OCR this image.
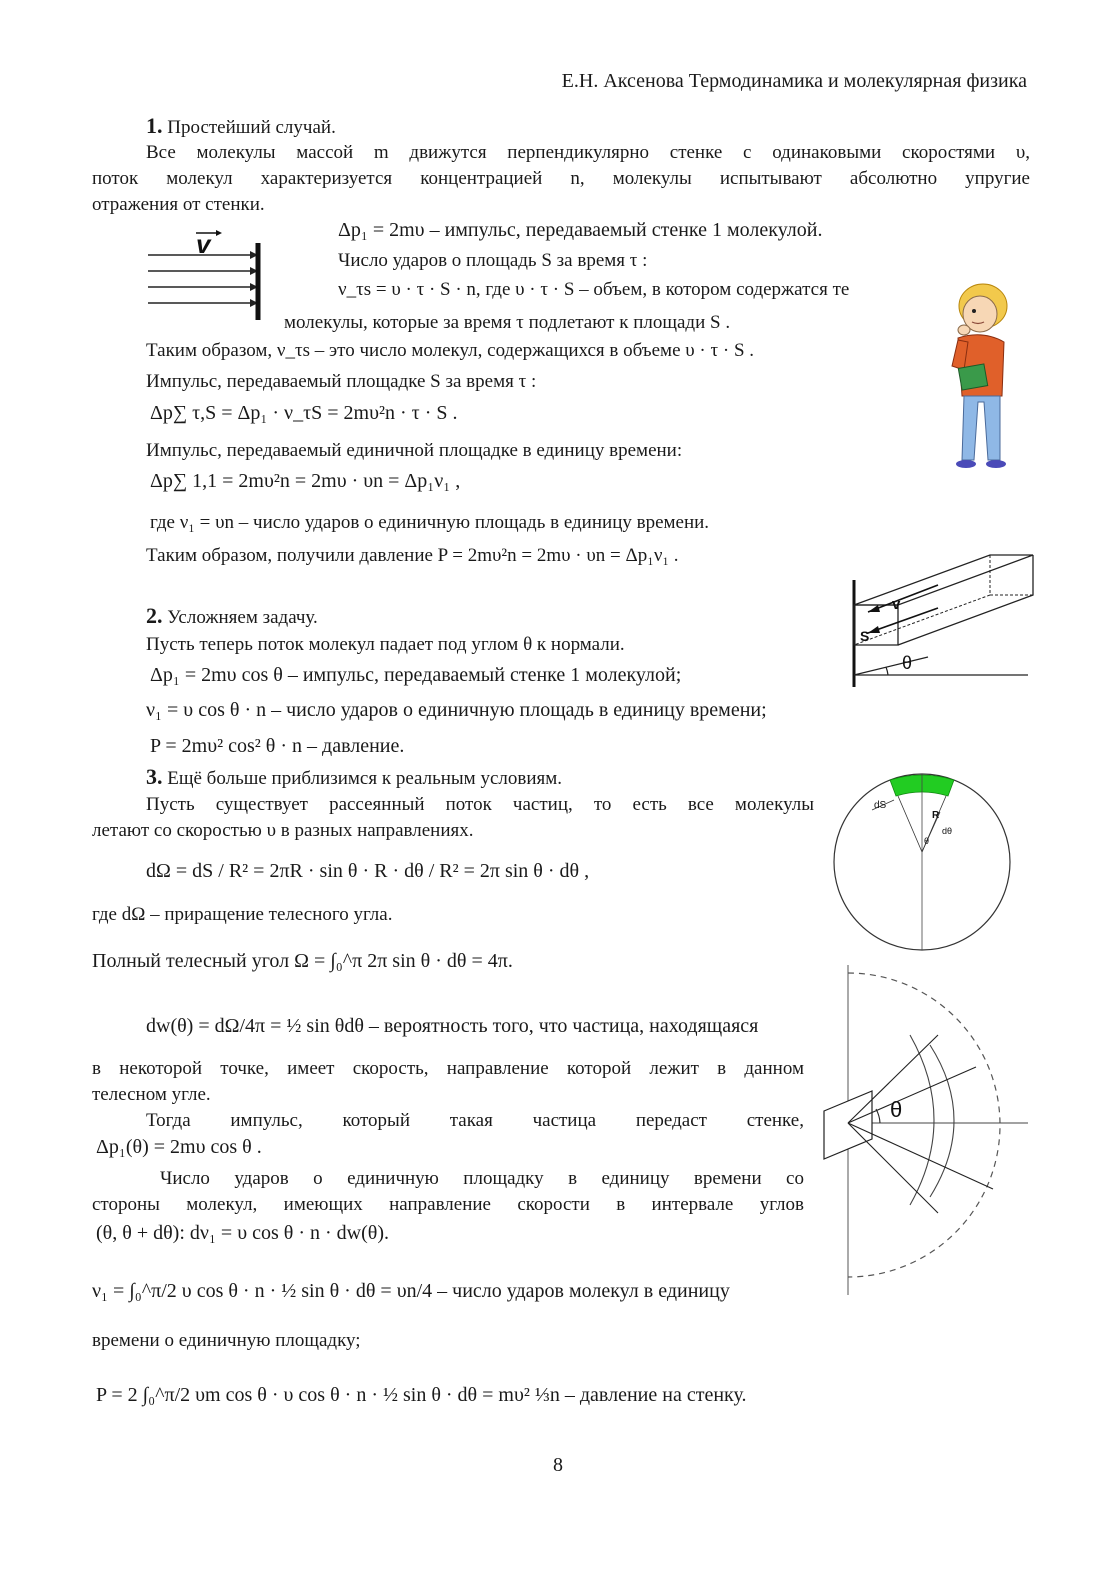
Е.Н. Аксенова Термодинамика и молекулярная физика
1. Простейший случай.
Все молекулы массой m движутся перпендикулярно стенке с одинаковыми скоростями υ,
поток молекул характеризуется концентрацией n, молекулы испытывают абсолютно упругие
отражения от стенки.
v	Δp₁ = 2mυ – импульс, передаваемый стенке 1 молекулой.
Число ударов о площадь S за время τ :
ν_τs = υ · τ · S · n, где υ · τ · S – объем, в котором содержатся те
молекулы, которые за время τ подлетают к площади S .
Таким образом, ν_τs – это число молекул, содержащихся в объеме υ · τ · S .
Импульс, передаваемый площадке S за время τ :
Δp∑ τ,S = Δp₁ · ν_τS = 2mυ²n · τ · S .
Импульс, передаваемый единичной площадке в единицу времени:
Δp∑ 1,1 = 2mυ²n = 2mυ · υn = Δp₁ν₁ ,
где ν₁ = υn – число ударов о единичную площадь в единицу времени.
Таким образом, получили давление P = 2mυ²n = 2mυ · υn = Δp₁ν₁ .
2. Усложняем задачу.
Пусть теперь поток молекул падает под углом θ к нормали.
Δp₁ = 2mυ cos θ – импульс, передаваемый стенке 1 молекулой;
ν₁ = υ cos θ · n – число ударов о единичную площадь в единицу времени;
P = 2mυ² cos² θ · n – давление.
v
S
θ
3. Ещё больше приблизимся к реальным условиям.
Пусть существует рассеянный поток частиц, то есть все молекулы
летают со скоростью υ в разных направлениях.
dΩ = dS / R² = 2πR · sin θ · R · dθ / R² = 2π sin θ · dθ ,
где dΩ – приращение телесного угла.
Полный телесный угол Ω = ∫₀^π 2π sin θ · dθ = 4π.
dw(θ) = dΩ/4π = ½ sin θdθ – вероятность того, что частица, находящаяся
в некоторой точке, имеет скорость, направление которой лежит в данном
телесном угле.
Тогда импульс, который такая частица передаст стенке,
Δp₁(θ) = 2mυ cos θ .
Число ударов о единичную площадку в единицу времени со
стороны молекул, имеющих направление скорости в интервале углов
(θ, θ + dθ): dν₁ = υ cos θ · n · dw(θ).
ν₁ = ∫₀^π/2 υ cos θ · n · ½ sin θ · dθ = υn/4 – число ударов молекул в единицу
времени о единичную площадку;
P = 2 ∫₀^π/2 υm cos θ · υ cos θ · n · ½ sin θ · dθ = mυ² ⅓n – давление на стенку.
dS
R
dθ
θ
θ
8
